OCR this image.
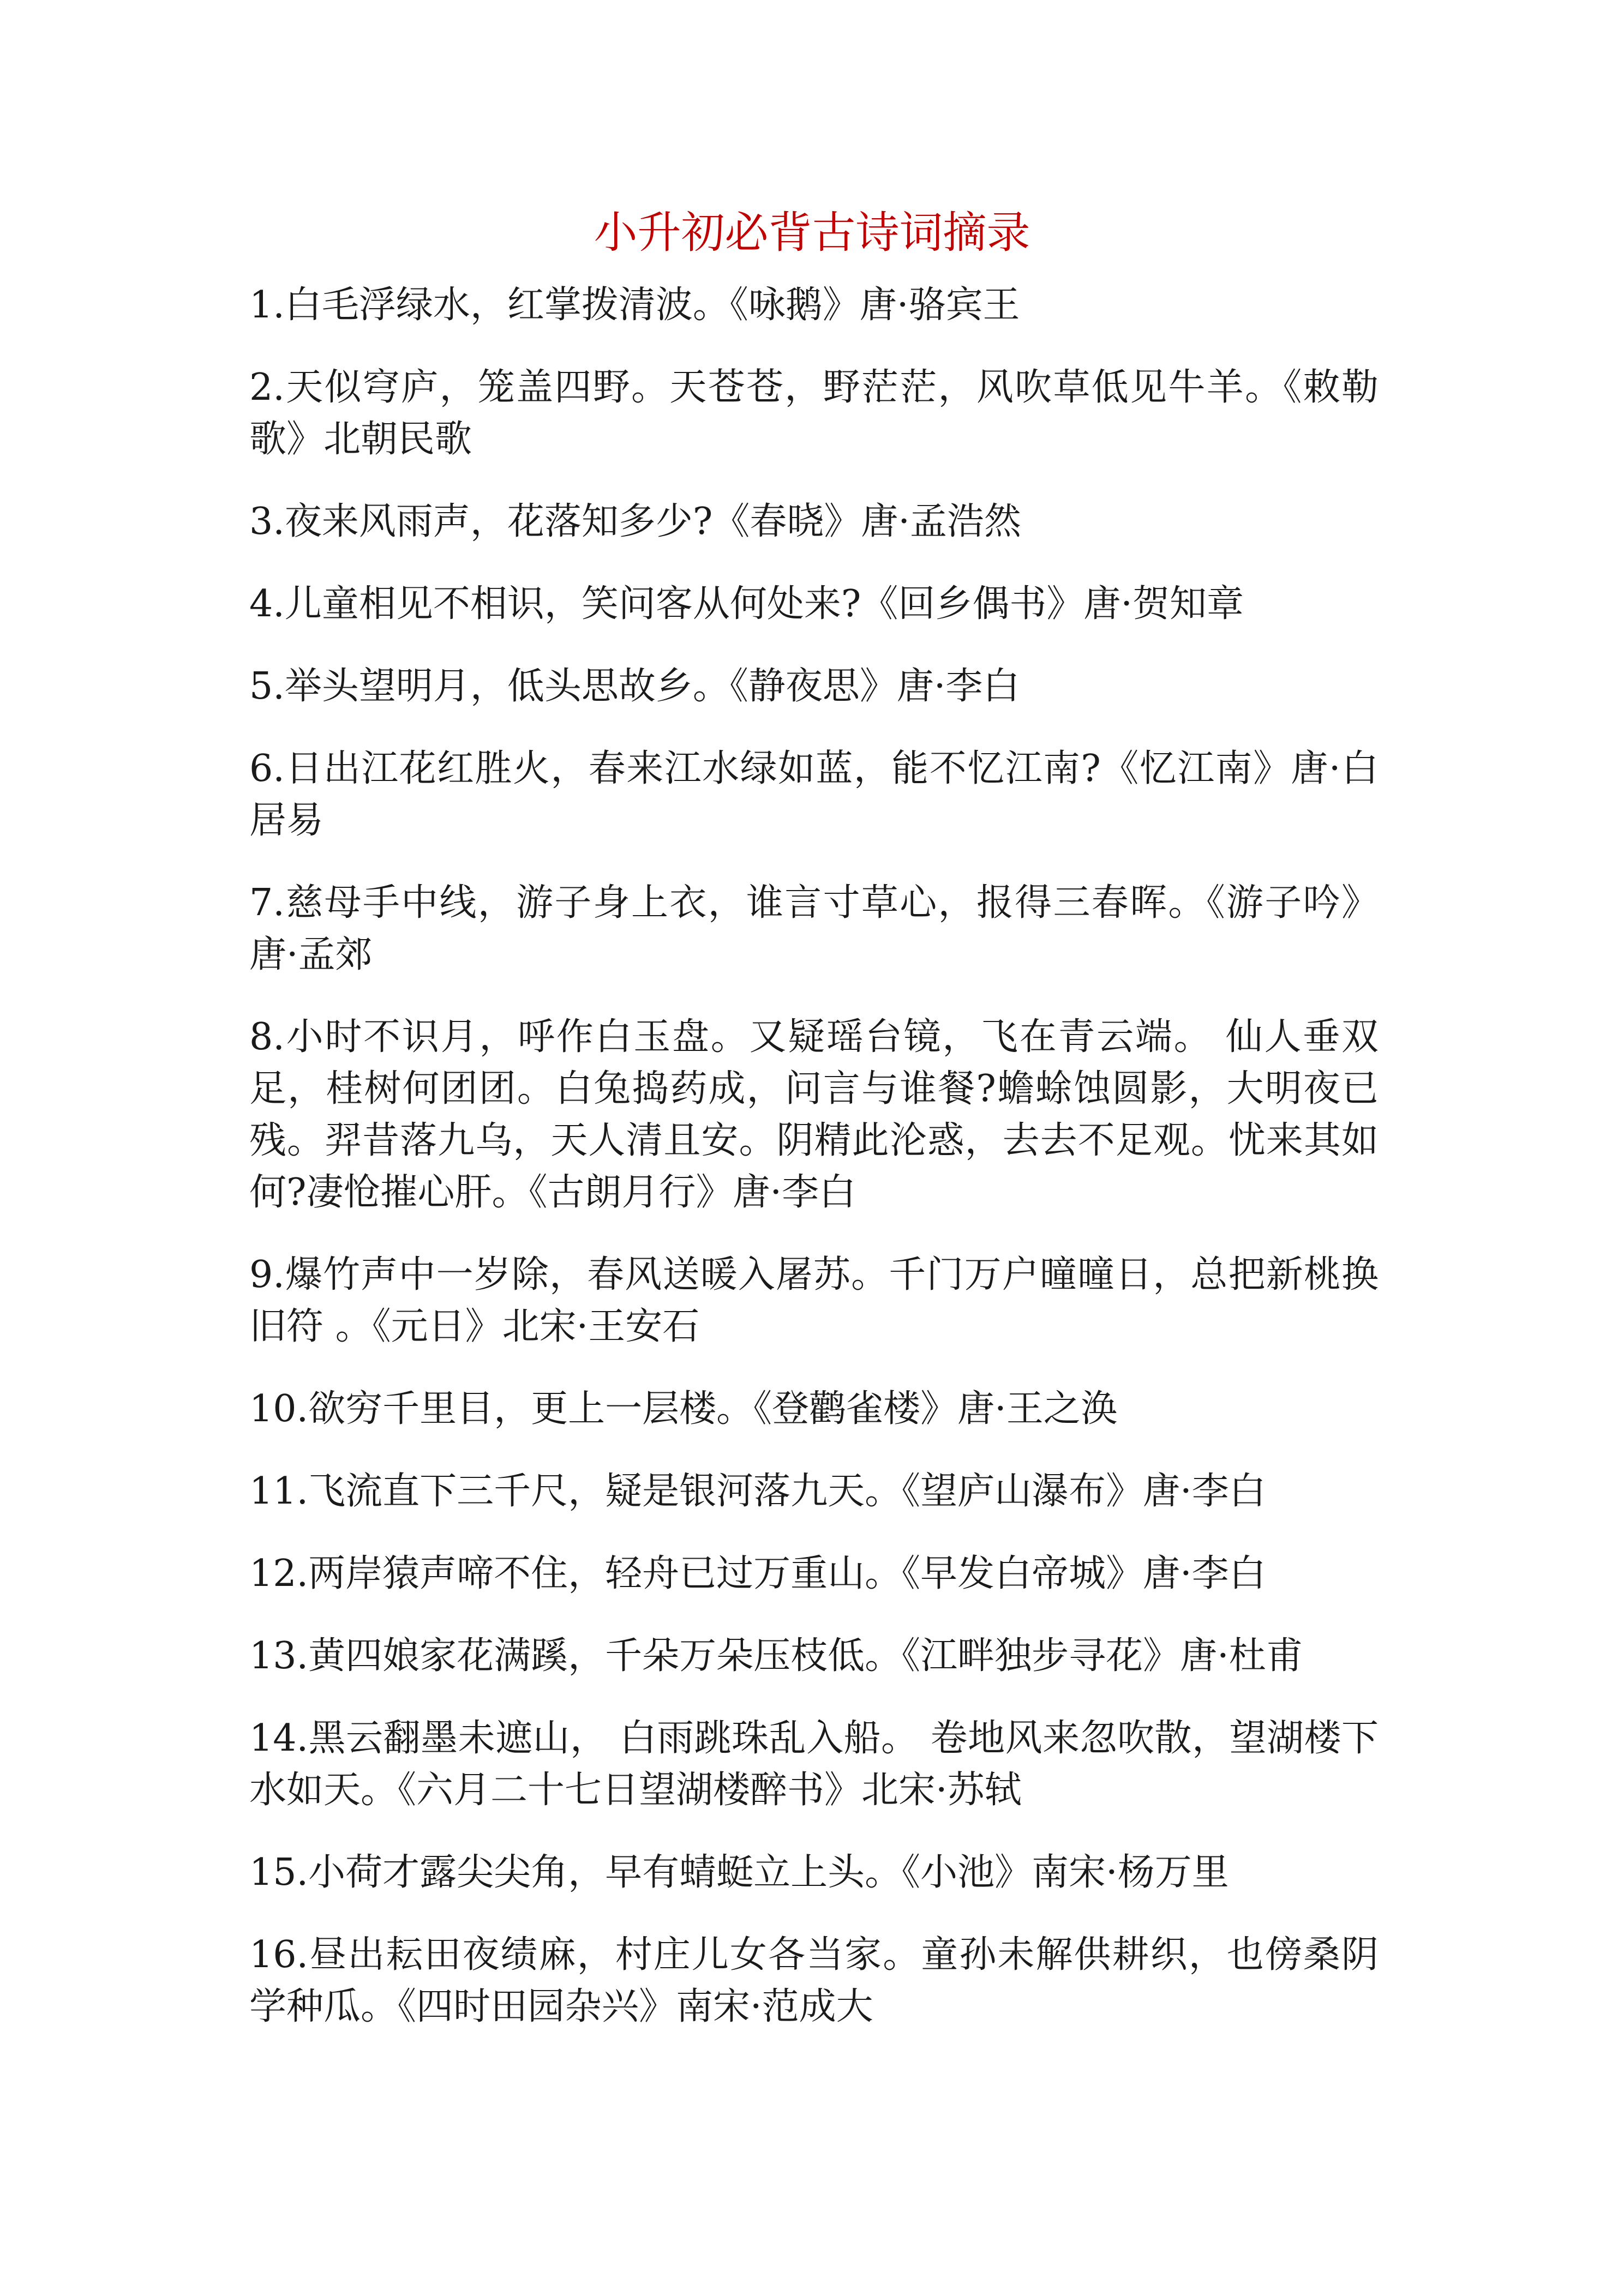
小升初必背古诗词摘录
1.白毛浮绿水，红掌拨清波。《咏鹅》唐·骆宾王
2.天似穹庐，笼盖四野。天苍苍，野茫茫，风吹草低见牛羊。《敕勒歌》北朝民歌
3.夜来风雨声，花落知多少?《春晓》唐·孟浩然
4.儿童相见不相识，笑问客从何处来?《回乡偶书》唐·贺知章
5.举头望明月，低头思故乡。《静夜思》唐·李白
6.日出江花红胜火，春来江水绿如蓝，能不忆江南?《忆江南》唐·白居易
7.慈母手中线，游子身上衣，谁言寸草心，报得三春晖。《游子吟》唐·孟郊
8.小时不识月，呼作白玉盘。又疑瑶台镜，飞在青云端。 仙人垂双足，桂树何团团。白兔捣药成，问言与谁餐?蟾蜍蚀圆影，大明夜已残。羿昔落九乌，天人清且安。阴精此沦惑，去去不足观。忧来其如何?凄怆摧心肝。《古朗月行》唐·李白
9.爆竹声中一岁除，春风送暖入屠苏。千门万户曈曈日，总把新桃换旧符 。《元日》北宋·王安石
10.欲穷千里目，更上一层楼。《登鹳雀楼》唐·王之涣
11.飞流直下三千尺，疑是银河落九天。《望庐山瀑布》唐·李白
12.两岸猿声啼不住，轻舟已过万重山。《早发白帝城》唐·李白
13.黄四娘家花满蹊，千朵万朵压枝低。《江畔独步寻花》唐·杜甫
14.黑云翻墨未遮山， 白雨跳珠乱入船。 卷地风来忽吹散，望湖楼下水如天。《六月二十七日望湖楼醉书》北宋·苏轼
15.小荷才露尖尖角，早有蜻蜓立上头。《小池》南宋·杨万里
16.昼出耘田夜绩麻，村庄儿女各当家。童孙未解供耕织，也傍桑阴学种瓜。《四时田园杂兴》南宋·范成大
